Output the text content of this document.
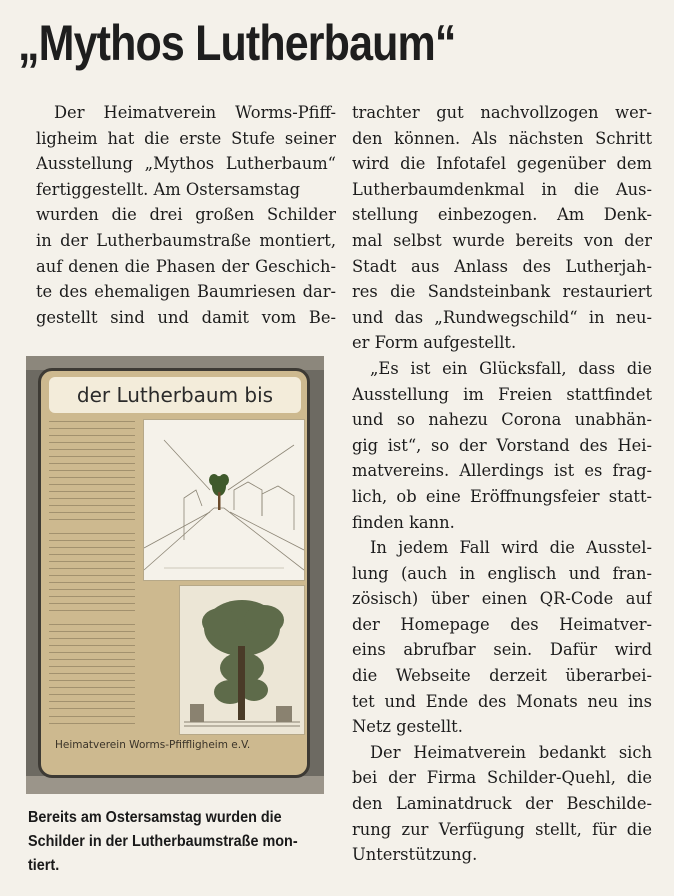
„Mythos Lutherbaum“
Der Heimatverein Worms-Pfiff-
ligheim hat die erste Stufe seiner
Ausstellung „Mythos Lutherbaum“
fertiggestellt. Am Ostersamstag
wurden die drei großen Schilder
in der Lutherbaumstraße montiert,
auf denen die Phasen der Geschich-
te des ehemaligen Baumriesen dar-
gestellt sind und damit vom Be-
der Lutherbaum bis
Heimatverein Worms-Pfiffligheim e.V.
Bereits am Ostersamstag wurden die
Schilder in der Lutherbaumstraße mon-
tiert.
trachter gut nachvollzogen wer-
den können. Als nächsten Schritt
wird die Infotafel gegenüber dem
Lutherbaumdenkmal in die Aus-
stellung einbezogen. Am Denk-
mal selbst wurde bereits von der
Stadt aus Anlass des Lutherjah-
res die Sandsteinbank restauriert
und das „Rundwegschild“ in neu-
er Form aufgestellt.
„Es ist ein Glücksfall, dass die
Ausstellung im Freien stattfindet
und so nahezu Corona unabhän-
gig ist“, so der Vorstand des Hei-
matvereins. Allerdings ist es frag-
lich, ob eine Eröffnungsfeier statt-
finden kann.
In jedem Fall wird die Ausstel-
lung (auch in englisch und fran-
zösisch) über einen QR-Code auf
der Homepage des Heimatver-
eins abrufbar sein. Dafür wird
die Webseite derzeit überarbei-
tet und Ende des Monats neu ins
Netz gestellt.
Der Heimatverein bedankt sich
bei der Firma Schilder-Quehl, die
den Laminatdruck der Beschilde-
rung zur Verfügung stellt, für die
Unterstützung.
